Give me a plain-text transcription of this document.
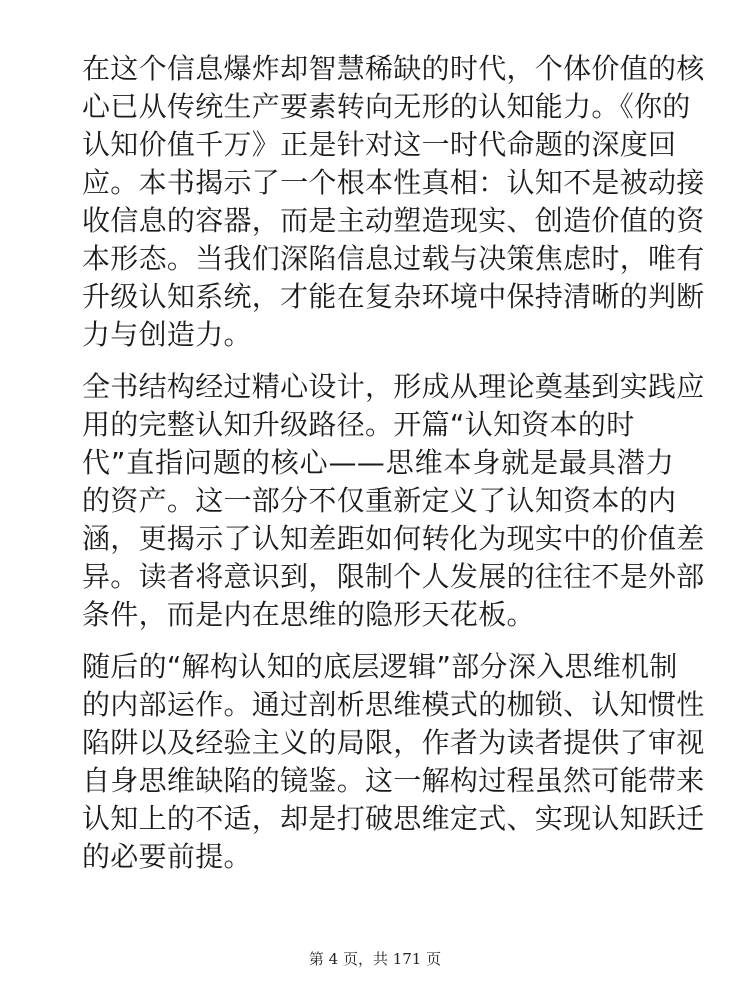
在这个信息爆炸却智慧稀缺的时代，个体价值的核
心已从传统生产要素转向无形的认知能力。《你的
认知价值千万》正是针对这一时代命题的深度回
应。本书揭示了一个根本性真相：认知不是被动接
收信息的容器，而是主动塑造现实、创造价值的资
本形态。当我们深陷信息过载与决策焦虑时，唯有
升级认知系统，才能在复杂环境中保持清晰的判断
力与创造力。
全书结构经过精心设计，形成从理论奠基到实践应
用的完整认知升级路径。开篇“认知资本的时
代”直指问题的核心——思维本身就是最具潜力
的资产。这一部分不仅重新定义了认知资本的内
涵，更揭示了认知差距如何转化为现实中的价值差
异。读者将意识到，限制个人发展的往往不是外部
条件，而是内在思维的隐形天花板。
随后的“解构认知的底层逻辑”部分深入思维机制
的内部运作。通过剖析思维模式的枷锁、认知惯性
陷阱以及经验主义的局限，作者为读者提供了审视
自身思维缺陷的镜鉴。这一解构过程虽然可能带来
认知上的不适，却是打破思维定式、实现认知跃迁
的必要前提。
第 4 页，共 171 页
